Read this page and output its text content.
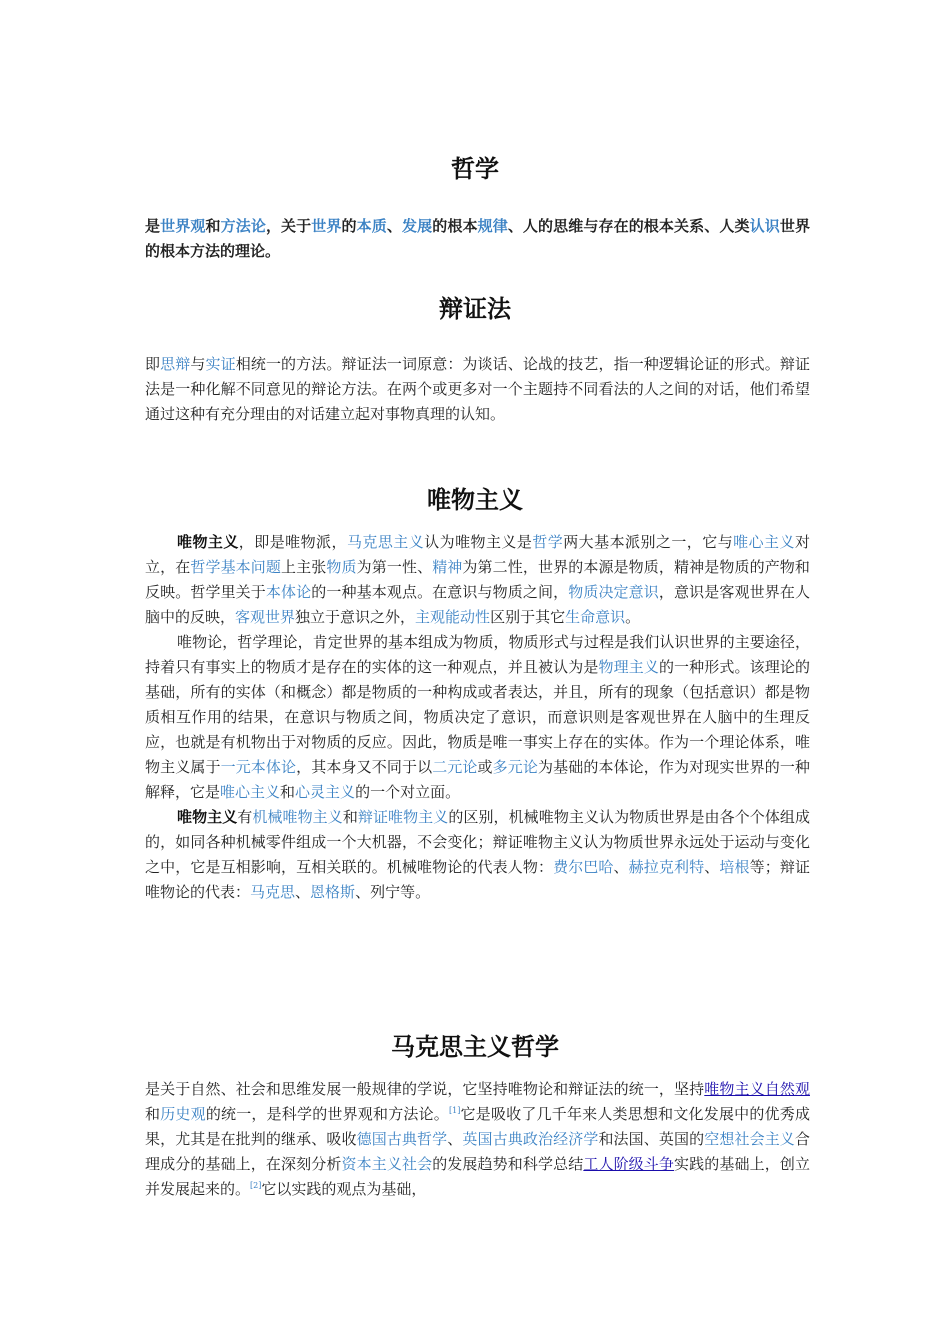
哲学
是世界观和方法论，关于世界的本质、发展的根本规律、人的思维与存在的根本关系、人类认识世界的根本方法的理论。
辩证法
即思辩与实证相统一的方法。辩证法一词原意：为谈话、论战的技艺，指一种逻辑论证的形式。辩证法是一种化解不同意见的辩论方法。在两个或更多对一个主题持不同看法的人之间的对话，他们希望通过这种有充分理由的对话建立起对事物真理的认知。
唯物主义
唯物主义，即是唯物派，马克思主义认为唯物主义是哲学两大基本派别之一，它与唯心主义对立，在哲学基本问题上主张物质为第一性、精神为第二性，世界的本源是物质，精神是物质的产物和反映。哲学里关于本体论的一种基本观点。在意识与物质之间，物质决定意识，意识是客观世界在人脑中的反映，客观世界独立于意识之外，主观能动性区别于其它生命意识。
唯物论，哲学理论，肯定世界的基本组成为物质，物质形式与过程是我们认识世界的主要途径，持着只有事实上的物质才是存在的实体的这一种观点，并且被认为是物理主义的一种形式。该理论的基础，所有的实体（和概念）都是物质的一种构成或者表达，并且，所有的现象（包括意识）都是物质相互作用的结果，在意识与物质之间，物质决定了意识，而意识则是客观世界在人脑中的生理反应，也就是有机物出于对物质的反应。因此，物质是唯一事实上存在的实体。作为一个理论体系，唯物主义属于一元本体论，其本身又不同于以二元论或多元论为基础的本体论，作为对现实世界的一种解释，它是唯心主义和心灵主义的一个对立面。
唯物主义有机械唯物主义和辩证唯物主义的区别，机械唯物主义认为物质世界是由各个个体组成的，如同各种机械零件组成一个大机器，不会变化；辩证唯物主义认为物质世界永远处于运动与变化之中，它是互相影响，互相关联的。机械唯物论的代表人物：费尔巴哈、赫拉克利特、培根等；辩证唯物论的代表：马克思、恩格斯、列宁等。
马克思主义哲学
是关于自然、社会和思维发展一般规律的学说，它坚持唯物论和辩证法的统一，坚持唯物主义自然观和历史观的统一，是科学的世界观和方法论。[1]它是吸收了几千年来人类思想和文化发展中的优秀成果，尤其是在批判的继承、吸收德国古典哲学、英国古典政治经济学和法国、英国的空想社会主义合理成分的基础上，在深刻分析资本主义社会的发展趋势和科学总结工人阶级斗争实践的基础上，创立并发展起来的。[2]它以实践的观点为基础，
